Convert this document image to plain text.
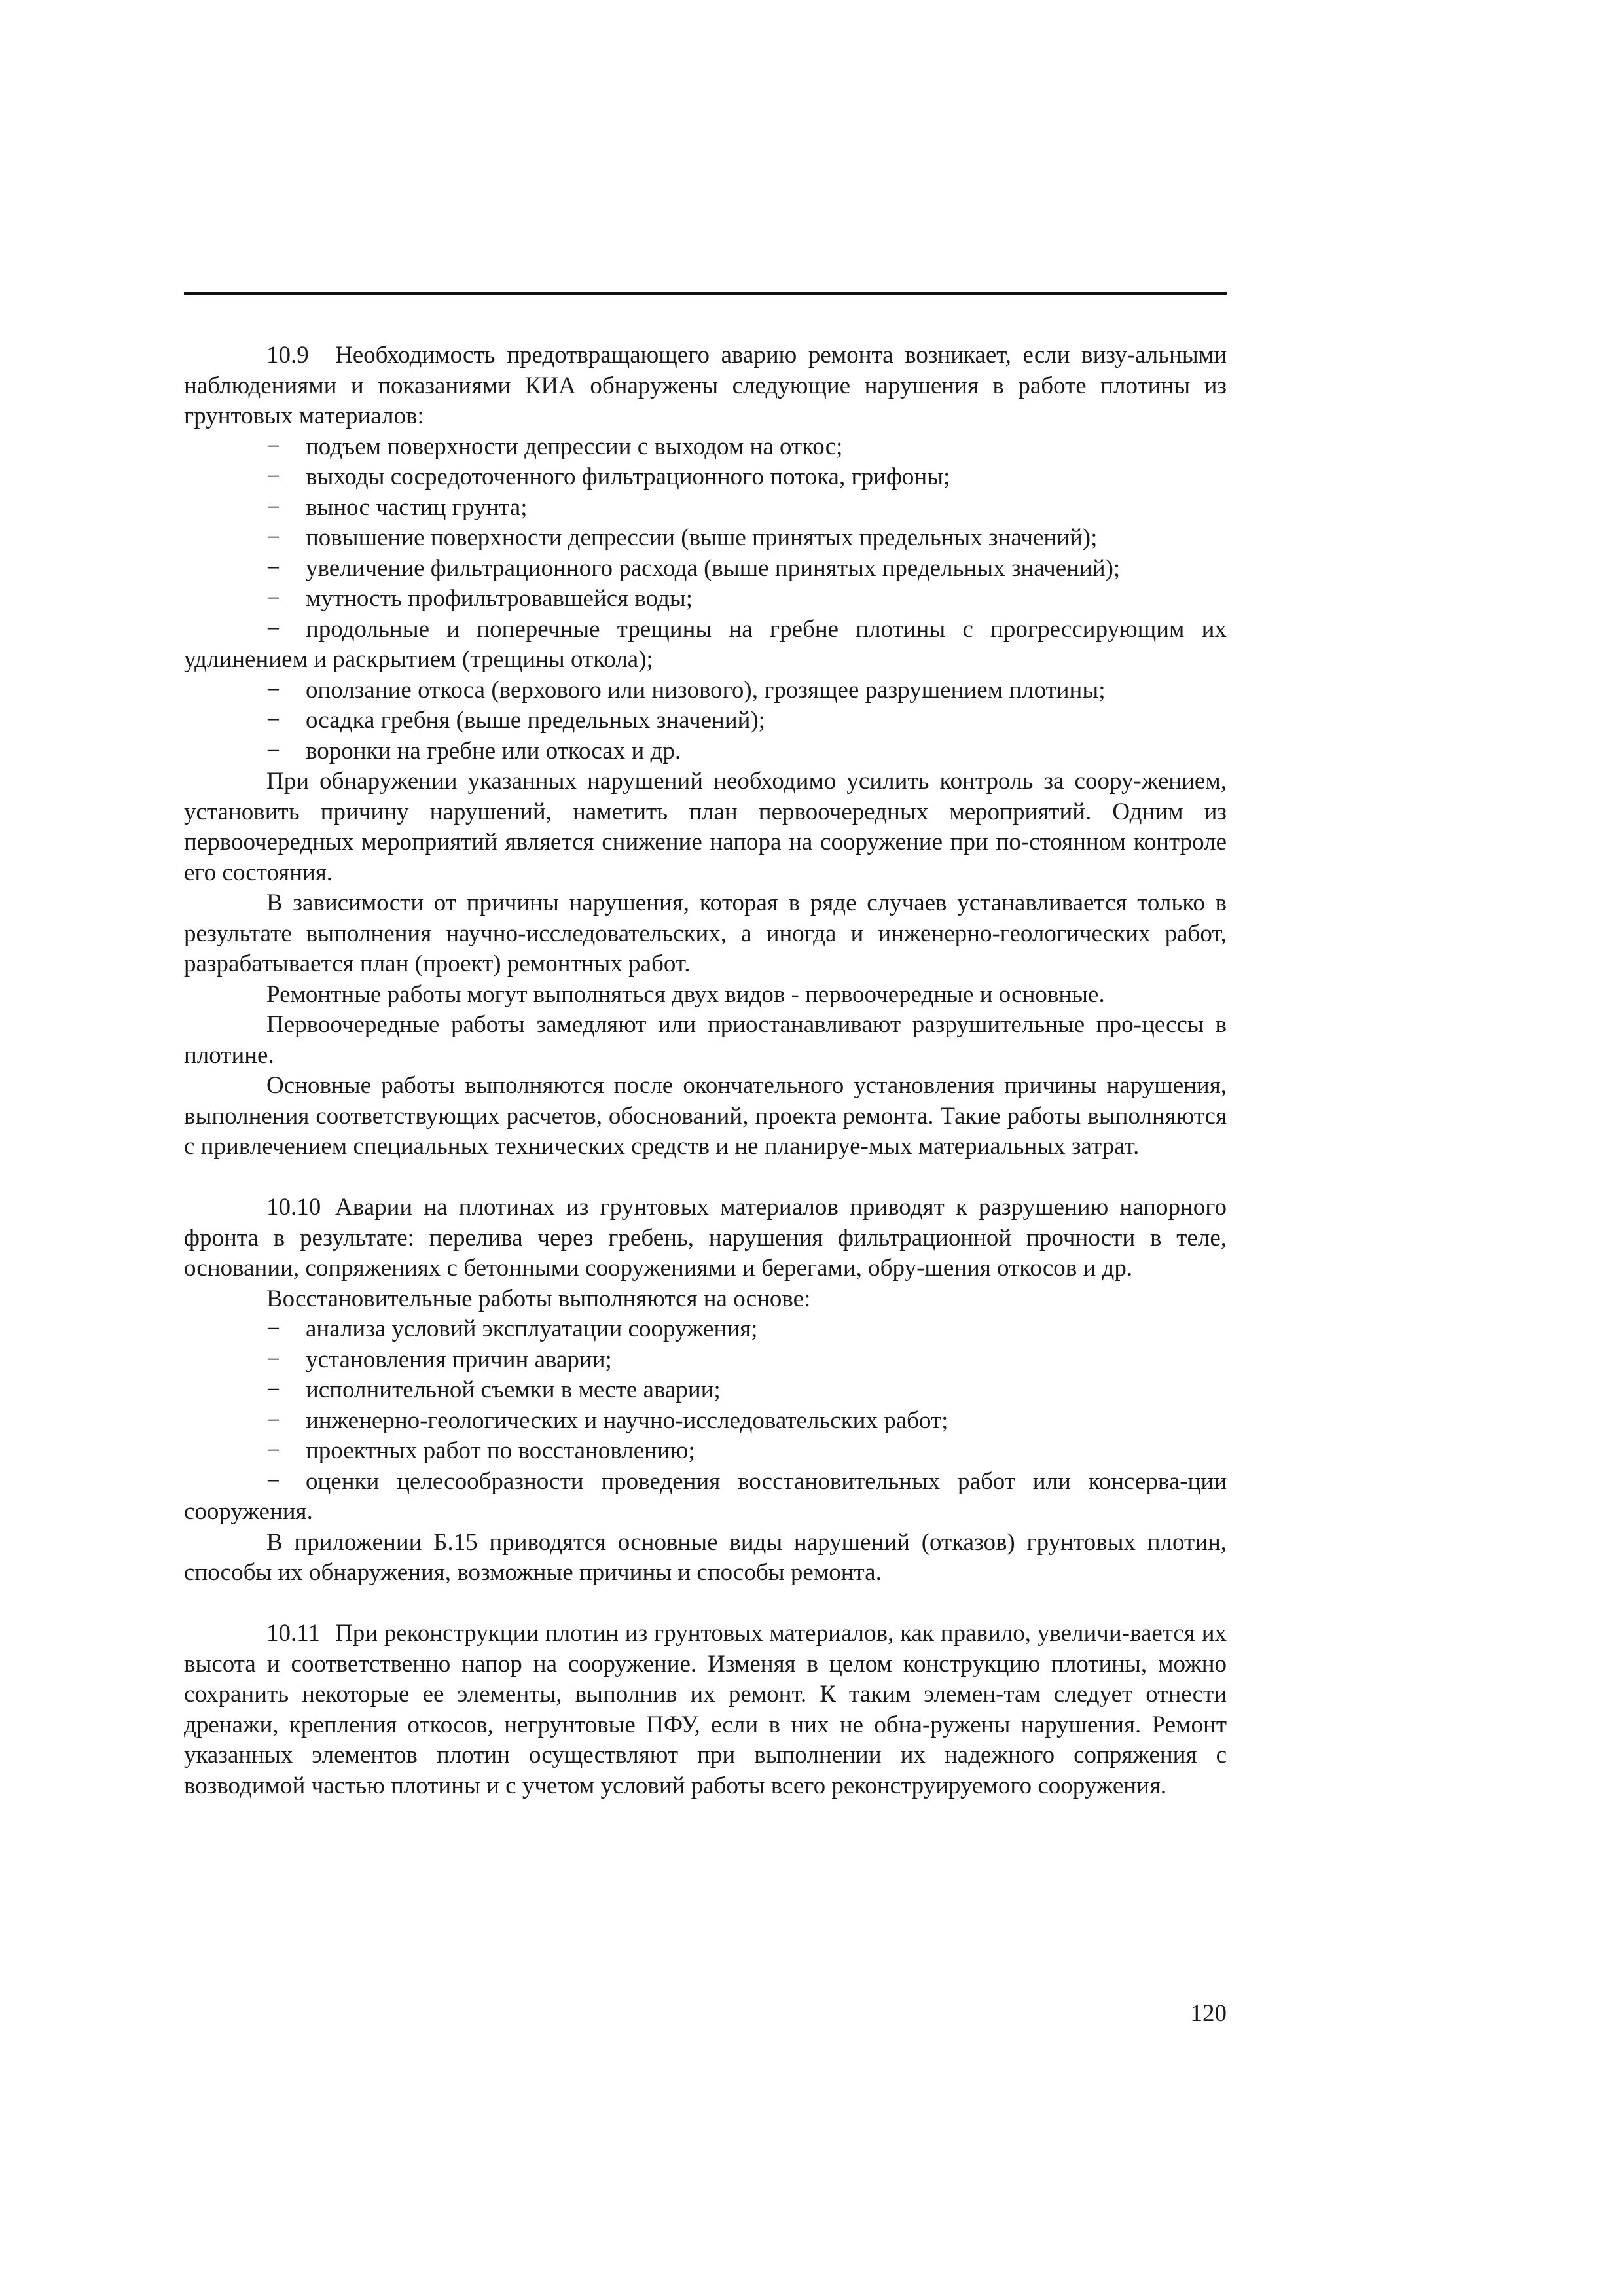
10.9 Необходимость предотвращающего аварию ремонта возникает, если визу-альными наблюдениями и показаниями КИА обнаружены следующие нарушения в работе плотины из грунтовых материалов:

− подъем поверхности депрессии с выходом на откос;
− выходы сосредоточенного фильтрационного потока, грифоны;
− вынос частиц грунта;
− повышение поверхности депрессии (выше принятых предельных значений);
− увеличение фильтрационного расхода (выше принятых предельных значений);
− мутность профильтровавшейся воды;
− продольные и поперечные трещины на гребне плотины с прогрессирующим их удлинением и раскрытием (трещины откола);
− оползание откоса (верхового или низового), грозящее разрушением плотины;
− осадка гребня (выше предельных значений);
− воронки на гребне или откосах и др.

При обнаружении указанных нарушений необходимо усилить контроль за соору-жением, установить причину нарушений, наметить план первоочередных мероприятий. Одним из первоочередных мероприятий является снижение напора на сооружение при по-стоянном контроле его состояния.

В зависимости от причины нарушения, которая в ряде случаев устанавливается только в результате выполнения научно-исследовательских, а иногда и инженерно-геологических работ, разрабатывается план (проект) ремонтных работ.

Ремонтные работы могут выполняться двух видов - первоочередные и основные.

Первоочередные работы замедляют или приостанавливают разрушительные про-цессы в плотине.

Основные работы выполняются после окончательного установления причины нарушения, выполнения соответствующих расчетов, обоснований, проекта ремонта. Такие работы выполняются с привлечением специальных технических средств и не планируе-мых материальных затрат.

10.10 Аварии на плотинах из грунтовых материалов приводят к разрушению напорного фронта в результате: перелива через гребень, нарушения фильтрационной прочности в теле, основании, сопряжениях с бетонными сооружениями и берегами, обру-шения откосов и др.

Восстановительные работы выполняются на основе:

− анализа условий эксплуатации сооружения;
− установления причин аварии;
− исполнительной съемки в месте аварии;
− инженерно-геологических и научно-исследовательских работ;
− проектных работ по восстановлению;
− оценки целесообразности проведения восстановительных работ или консерва-ции сооружения.

В приложении Б.15 приводятся основные виды нарушений (отказов) грунтовых плотин, способы их обнаружения, возможные причины и способы ремонта.

10.11 При реконструкции плотин из грунтовых материалов, как правило, увеличи-вается их высота и соответственно напор на сооружение. Изменяя в целом конструкцию плотины, можно сохранить некоторые ее элементы, выполнив их ремонт. К таким элемен-там следует отнести дренажи, крепления откосов, негрунтовые ПФУ, если в них не обна-ружены нарушения. Ремонт указанных элементов плотин осуществляют при выполнении их надежного сопряжения с возводимой частью плотины и с учетом условий работы всего реконструируемого сооружения.

120
